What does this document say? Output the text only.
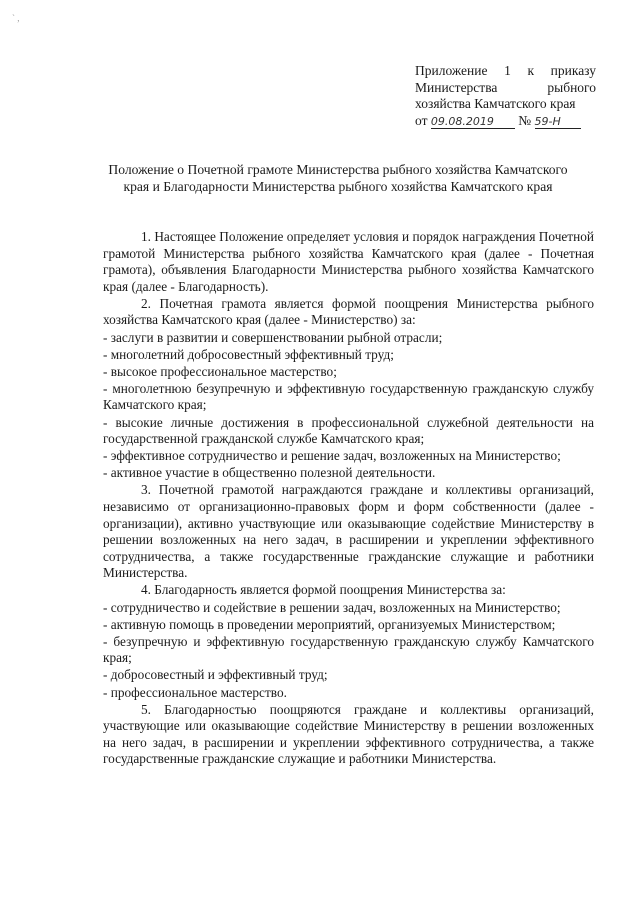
` ,
Приложение 1 к приказу
Министерства рыбного
хозяйства Камчатского края
от 09.08.2019 № 59-Н
Положение о Почетной грамоте Министерства рыбного хозяйства Камчатского края и Благодарности Министерства рыбного хозяйства Камчатского края
1. Настоящее Положение определяет условия и порядок награждения Почетной грамотой Министерства рыбного хозяйства Камчатского края (далее - Почетная грамота), объявления Благодарности Министерства рыбного хозяйства Камчатского края (далее - Благодарность).
2. Почетная грамота является формой поощрения Министерства рыбного хозяйства Камчатского края (далее - Министерство) за:
- заслуги в развитии и совершенствовании рыбной отрасли;
- многолетний добросовестный эффективный труд;
- высокое профессиональное мастерство;
- многолетнюю безупречную и эффективную государственную гражданскую службу Камчатского края;
- высокие личные достижения в профессиональной служебной деятельности на государственной гражданской службе Камчатского края;
- эффективное сотрудничество и решение задач, возложенных на Министерство;
- активное участие в общественно полезной деятельности.
3. Почетной грамотой награждаются граждане и коллективы организаций, независимо от организационно-правовых форм и форм собственности (далее - организации), активно участвующие или оказывающие содействие Министерству в решении возложенных на него задач, в расширении и укреплении эффективного сотрудничества, а также государственные гражданские служащие и работники Министерства.
4. Благодарность является формой поощрения Министерства за:
- сотрудничество и содействие в решении задач, возложенных на Министерство;
- активную помощь в проведении мероприятий, организуемых Министерством;
- безупречную и эффективную государственную гражданскую службу Камчатского края;
- добросовестный и эффективный труд;
- профессиональное мастерство.
5. Благодарностью поощряются граждане и коллективы организаций, участвующие или оказывающие содействие Министерству в решении возложенных на него задач, в расширении и укреплении эффективного сотрудничества, а также государственные гражданские служащие и работники Министерства.
